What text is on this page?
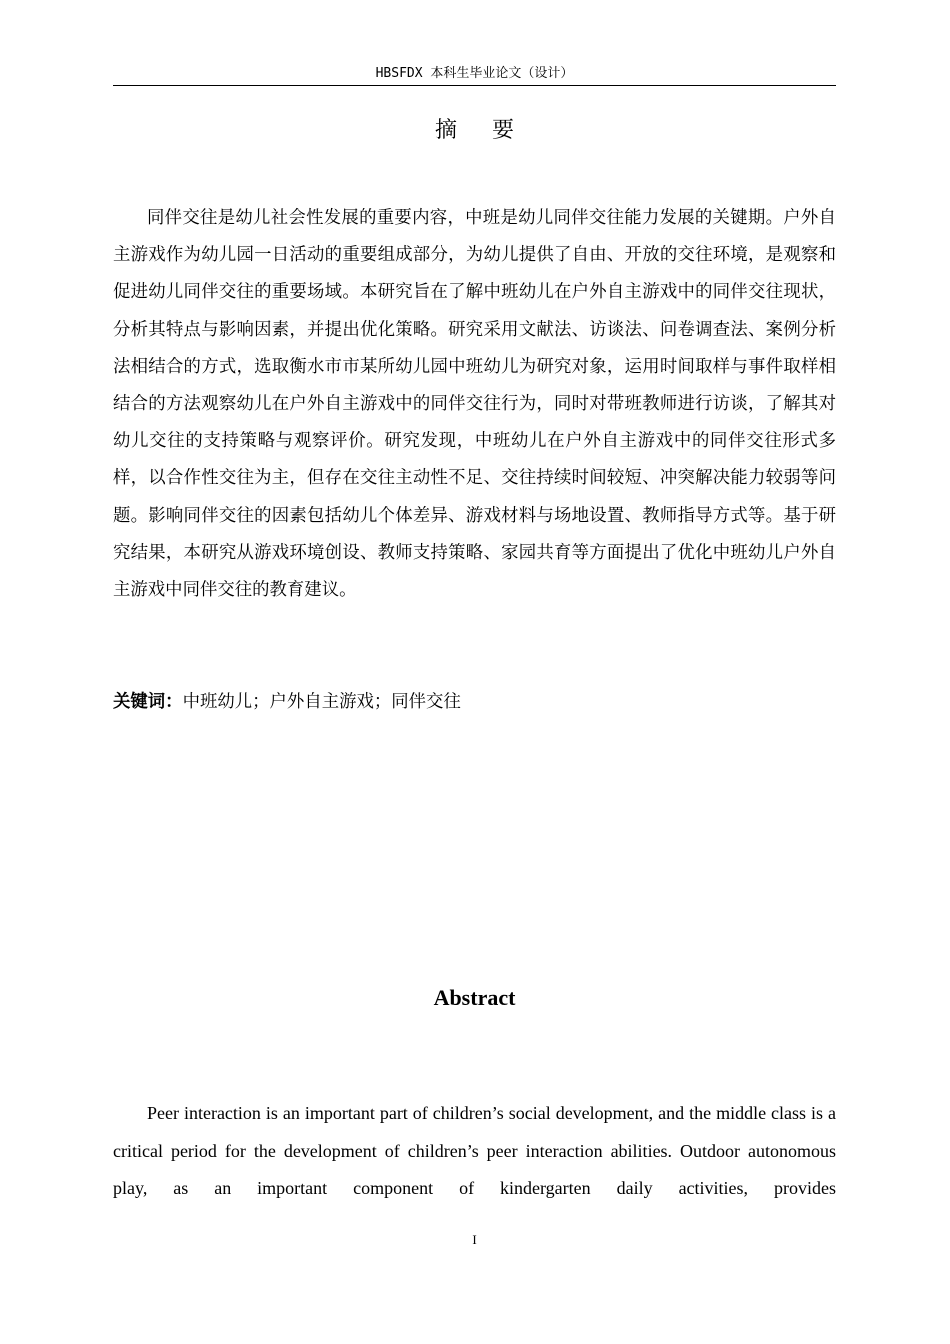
HBSFDX 本科生毕业论文（设计）
摘 要

同伴交往是幼儿社会性发展的重要内容，中班是幼儿同伴交往能力发展的关键期。户外自主游戏作为幼儿园一日活动的重要组成部分，为幼儿提供了自由、开放的交往环境，是观察和促进幼儿同伴交往的重要场域。本研究旨在了解中班幼儿在户外自主游戏中的同伴交往现状，分析其特点与影响因素，并提出优化策略。研究采用文献法、访谈法、问卷调查法、案例分析法相结合的方式，选取衡水市市某所幼儿园中班幼儿为研究对象，运用时间取样与事件取样相结合的方法观察幼儿在户外自主游戏中的同伴交往行为，同时对带班教师进行访谈，了解其对幼儿交往的支持策略与观察评价。研究发现，中班幼儿在户外自主游戏中的同伴交往形式多样，以合作性交往为主，但存在交往主动性不足、交往持续时间较短、冲突解决能力较弱等问题。影响同伴交往的因素包括幼儿个体差异、游戏材料与场地设置、教师指导方式等。基于研究结果，本研究从游戏环境创设、教师支持策略、家园共育等方面提出了优化中班幼儿户外自主游戏中同伴交往的教育建议。

关键词：中班幼儿；户外自主游戏；同伴交往
Abstract

Peer interaction is an important part of children’s social development, and the middle class is a critical period for the development of children’s peer interaction abilities. Outdoor autonomous play, as an important component of kindergarten daily activities, provides

I
